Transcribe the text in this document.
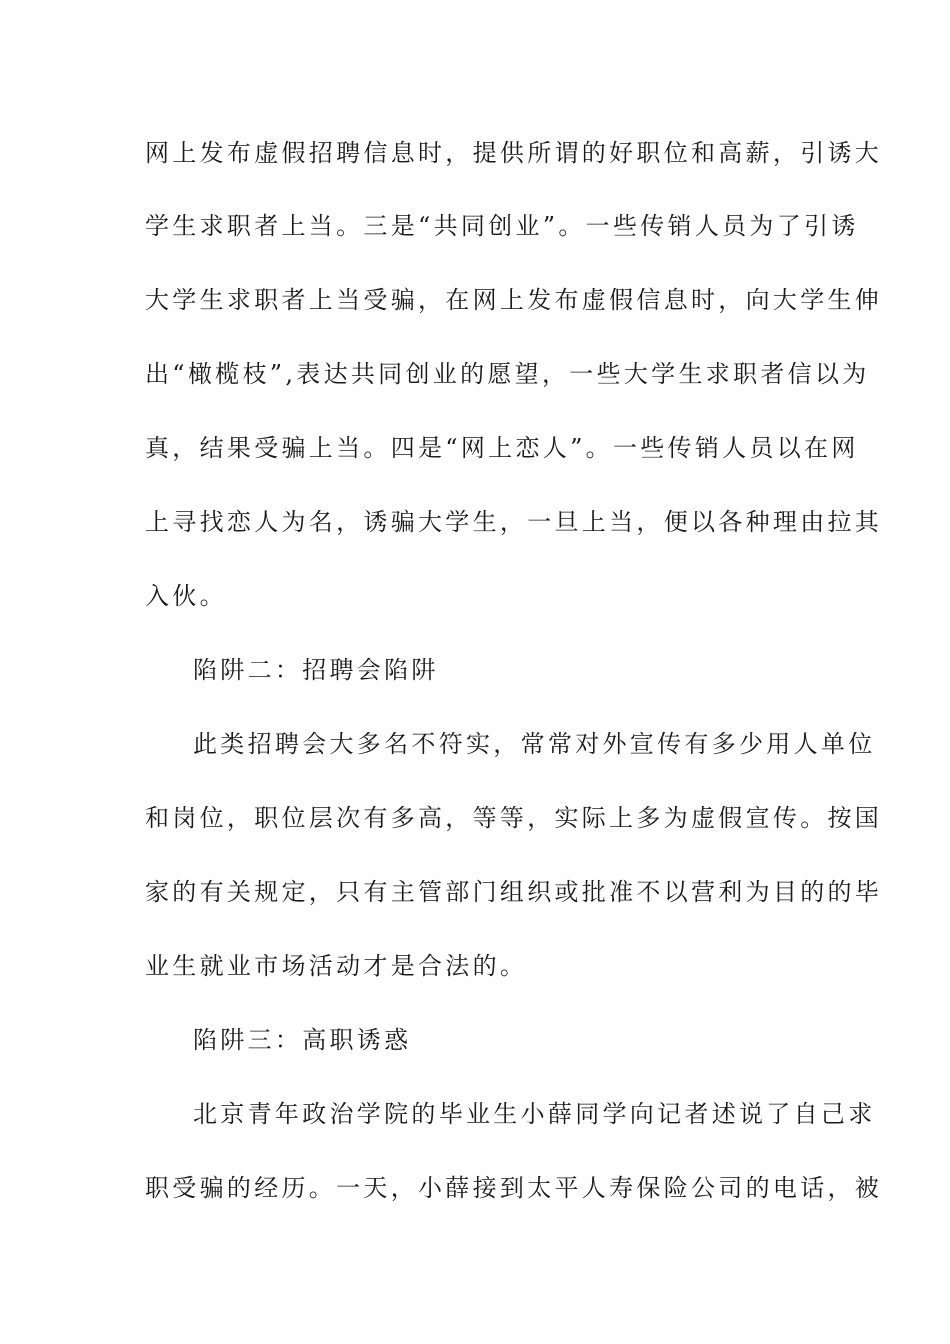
网上发布虚假招聘信息时，提供所谓的好职位和高薪，引诱大
学生求职者上当。三是“共同创业”。一些传销人员为了引诱
大学生求职者上当受骗，在网上发布虚假信息时，向大学生伸
出“橄榄枝”,表达共同创业的愿望，一些大学生求职者信以为
真，结果受骗上当。四是“网上恋人”。一些传销人员以在网
上寻找恋人为名，诱骗大学生，一旦上当，便以各种理由拉其
入伙。
陷阱二：招聘会陷阱
此类招聘会大多名不符实，常常对外宣传有多少用人单位
和岗位，职位层次有多高，等等，实际上多为虚假宣传。按国
家的有关规定，只有主管部门组织或批准不以营利为目的的毕
业生就业市场活动才是合法的。
陷阱三：高职诱惑
北京青年政治学院的毕业生小薛同学向记者述说了自己求
职受骗的经历。一天，小薛接到太平人寿保险公司的电话，被
